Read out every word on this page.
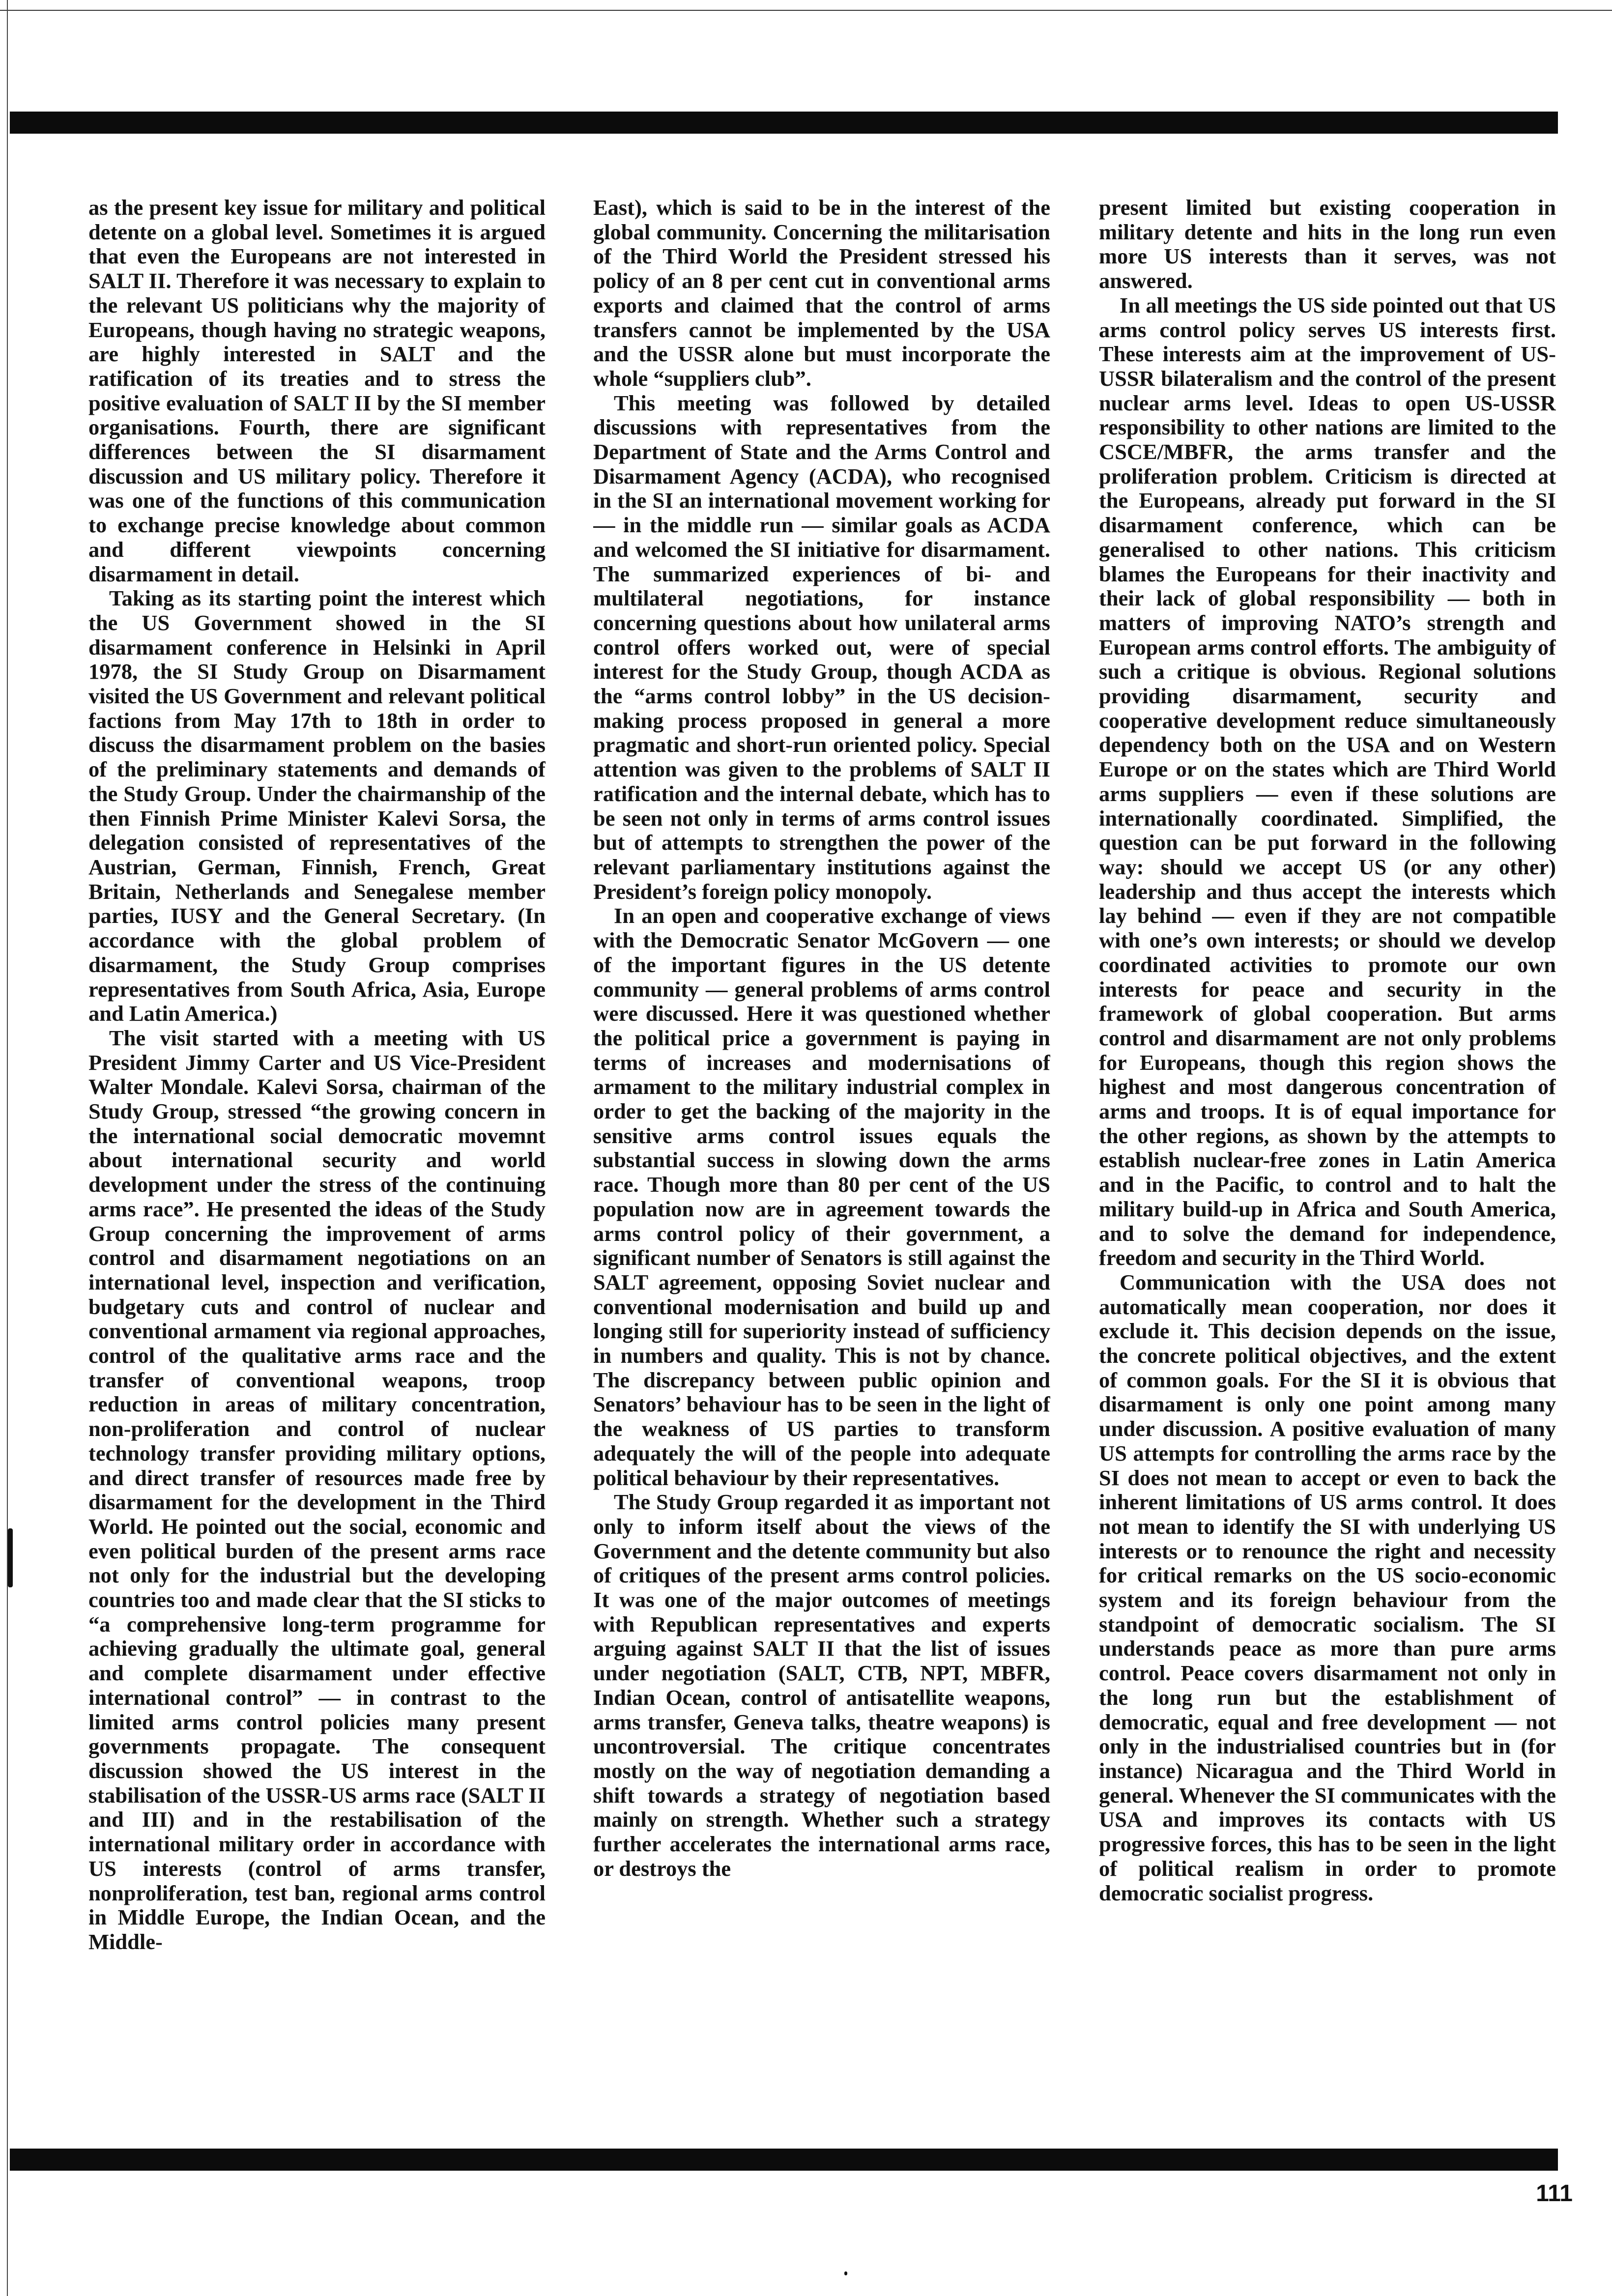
as the present key issue for military and political detente on a global level. Sometimes it is argued that even the Europeans are not interested in SALT II. Therefore it was necessary to explain to the relevant US politicians why the majority of Europeans, though having no strategic weapons, are highly interested in SALT and the ratification of its treaties and to stress the positive evaluation of SALT II by the SI member organisations. Fourth, there are significant differences between the SI disarmament discussion and US military policy. Therefore it was one of the functions of this communication to exchange precise knowledge about common and different viewpoints concerning disarmament in detail.

Taking as its starting point the interest which the US Government showed in the SI disarmament conference in Helsinki in April 1978, the SI Study Group on Disarmament visited the US Government and relevant political factions from May 17th to 18th in order to discuss the disarmament problem on the basies of the preliminary statements and demands of the Study Group. Under the chairmanship of the then Finnish Prime Minister Kalevi Sorsa, the delegation consisted of representatives of the Austrian, German, Finnish, French, Great Britain, Netherlands and Senegalese member parties, IUSY and the General Secretary. (In accordance with the global problem of disarmament, the Study Group comprises representatives from South Africa, Asia, Europe and Latin America.)

The visit started with a meeting with US President Jimmy Carter and US Vice-President Walter Mondale. Kalevi Sorsa, chairman of the Study Group, stressed “the growing concern in the international social democratic movemnt about international security and world development under the stress of the continuing arms race”. He presented the ideas of the Study Group concerning the improvement of arms control and disarmament negotiations on an international level, inspection and verification, budgetary cuts and control of nuclear and conventional armament via regional approaches, control of the qualitative arms race and the transfer of conventional weapons, troop reduction in areas of military concentration, non-proliferation and control of nuclear technology transfer providing military options, and direct transfer of resources made free by disarmament for the development in the Third World. He pointed out the social, economic and even political burden of the present arms race not only for the industrial but the developing countries too and made clear that the SI sticks to “a comprehensive long-term programme for achieving gradually the ultimate goal, general and complete disarmament under effective international control” — in contrast to the limited arms control policies many present governments propagate. The consequent discussion showed the US interest in the stabilisation of the USSR-US arms race (SALT II and III) and in the restabilisation of the international military order in accordance with US interests (control of arms transfer, nonproliferation, test ban, regional arms control in Middle Europe, the Indian Ocean, and the Middle-

East), which is said to be in the interest of the global community. Concerning the militarisation of the Third World the President stressed his policy of an 8 per cent cut in conventional arms exports and claimed that the control of arms transfers cannot be implemented by the USA and the USSR alone but must incorporate the whole “suppliers club”.

This meeting was followed by detailed discussions with representatives from the Department of State and the Arms Control and Disarmament Agency (ACDA), who recognised in the SI an international movement working for — in the middle run — similar goals as ACDA and welcomed the SI initiative for disarmament. The summarized experiences of bi- and multilateral negotiations, for instance concerning questions about how unilateral arms control offers worked out, were of special interest for the Study Group, though ACDA as the “arms control lobby” in the US decision-making process proposed in general a more pragmatic and short-run oriented policy. Special attention was given to the problems of SALT II ratification and the internal debate, which has to be seen not only in terms of arms control issues but of attempts to strengthen the power of the relevant parliamentary institutions against the President’s foreign policy monopoly.

In an open and cooperative exchange of views with the Democratic Senator McGovern — one of the important figures in the US detente community — general problems of arms control were discussed. Here it was questioned whether the political price a government is paying in terms of increases and modernisations of armament to the military industrial complex in order to get the backing of the majority in the sensitive arms control issues equals the substantial success in slowing down the arms race. Though more than 80 per cent of the US population now are in agreement towards the arms control policy of their government, a significant number of Senators is still against the SALT agreement, opposing Soviet nuclear and conventional modernisation and build up and longing still for superiority instead of sufficiency in numbers and quality. This is not by chance. The discrepancy between public opinion and Senators’ behaviour has to be seen in the light of the weakness of US parties to transform adequately the will of the people into adequate political behaviour by their representatives.

The Study Group regarded it as important not only to inform itself about the views of the Government and the detente community but also of critiques of the present arms control policies. It was one of the major outcomes of meetings with Republican representatives and experts arguing against SALT II that the list of issues under negotiation (SALT, CTB, NPT, MBFR, Indian Ocean, control of antisatellite weapons, arms transfer, Geneva talks, theatre weapons) is uncontroversial. The critique concentrates mostly on the way of negotiation demanding a shift towards a strategy of negotiation based mainly on strength. Whether such a strategy further accelerates the international arms race, or destroys the

present limited but existing cooperation in military detente and hits in the long run even more US interests than it serves, was not answered.

In all meetings the US side pointed out that US arms control policy serves US interests first. These interests aim at the improvement of US-USSR bilateralism and the control of the present nuclear arms level. Ideas to open US-USSR responsibility to other nations are limited to the CSCE/MBFR, the arms transfer and the proliferation problem. Criticism is directed at the Europeans, already put forward in the SI disarmament conference, which can be generalised to other nations. This criticism blames the Europeans for their inactivity and their lack of global responsibility — both in matters of improving NATO’s strength and European arms control efforts. The ambiguity of such a critique is obvious. Regional solutions providing disarmament, security and cooperative development reduce simultaneously dependency both on the USA and on Western Europe or on the states which are Third World arms suppliers — even if these solutions are internationally coordinated. Simplified, the question can be put forward in the following way: should we accept US (or any other) leadership and thus accept the interests which lay behind — even if they are not compatible with one’s own interests; or should we develop coordinated activities to promote our own interests for peace and security in the framework of global cooperation. But arms control and disarmament are not only problems for Europeans, though this region shows the highest and most dangerous concentration of arms and troops. It is of equal importance for the other regions, as shown by the attempts to establish nuclear-free zones in Latin America and in the Pacific, to control and to halt the military build-up in Africa and South America, and to solve the demand for independence, freedom and security in the Third World.

Communication with the USA does not automatically mean cooperation, nor does it exclude it. This decision depends on the issue, the concrete political objectives, and the extent of common goals. For the SI it is obvious that disarmament is only one point among many under discussion. A positive evaluation of many US attempts for controlling the arms race by the SI does not mean to accept or even to back the inherent limitations of US arms control. It does not mean to identify the SI with underlying US interests or to renounce the right and necessity for critical remarks on the US socio-economic system and its foreign behaviour from the standpoint of democratic socialism. The SI understands peace as more than pure arms control. Peace covers disarmament not only in the long run but the establishment of democratic, equal and free development — not only in the industrialised countries but in (for instance) Nicaragua and the Third World in general. Whenever the SI communicates with the USA and improves its contacts with US progressive forces, this has to be seen in the light of political realism in order to promote democratic socialist progress.

111
